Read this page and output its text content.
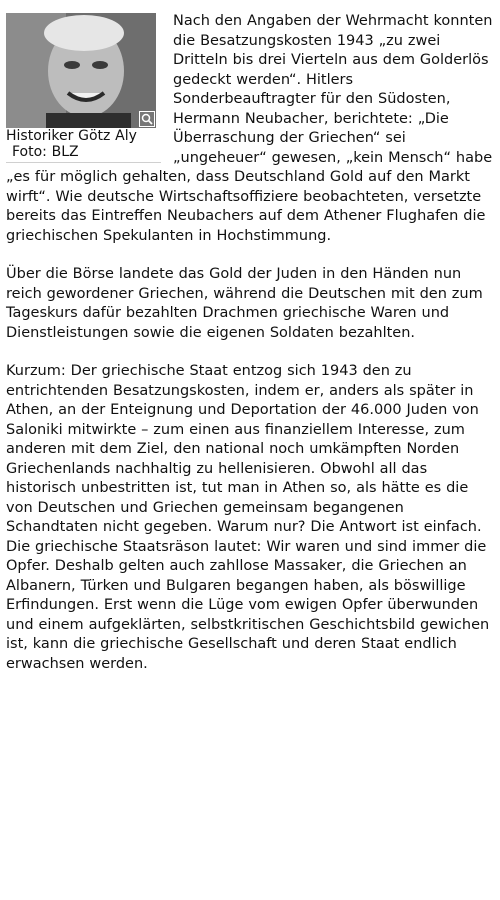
Historiker Götz Aly
Foto: BLZ

Nach den Angaben der Wehrmacht konnten die Besatzungskosten 1943 „zu zwei Dritteln bis drei Vierteln aus dem Golderlös gedeckt werden“. Hitlers Sonderbeauftragter für den Südosten, Hermann Neubacher, berichtete: „Die Überraschung der Griechen“ sei „ungeheuer“ gewesen, „kein Mensch“ habe „es für möglich gehalten, dass Deutschland Gold auf den Markt wirft“. Wie deutsche Wirtschaftsoffiziere beobachteten, versetzte bereits das Eintreffen Neubachers auf dem Athener Flughafen die griechischen Spekulanten in Hochstimmung.

Über die Börse landete das Gold der Juden in den Händen nun reich gewordener Griechen, während die Deutschen mit den zum Tageskurs dafür bezahlten Drachmen griechische Waren und Dienstleistungen sowie die eigenen Soldaten bezahlten.

Kurzum: Der griechische Staat entzog sich 1943 den zu entrichtenden Besatzungskosten, indem er, anders als später in Athen, an der Enteignung und Deportation der 46.000 Juden von Saloniki mitwirkte – zum einen aus finanziellem Interesse, zum anderen mit dem Ziel, den national noch umkämpften Norden Griechenlands nachhaltig zu hellenisieren. Obwohl all das historisch unbestritten ist, tut man in Athen so, als hätte es die von Deutschen und Griechen gemeinsam begangenen Schandtaten nicht gegeben. Warum nur? Die Antwort ist einfach. Die griechische Staatsräson lautet: Wir waren und sind immer die Opfer. Deshalb gelten auch zahllose Massaker, die Griechen an Albanern, Türken und Bulgaren begangen haben, als böswillige Erfindungen. Erst wenn die Lüge vom ewigen Opfer überwunden und einem aufgeklärten, selbstkritischen Geschichtsbild gewichen ist, kann die griechische Gesellschaft und deren Staat endlich erwachsen werden.
